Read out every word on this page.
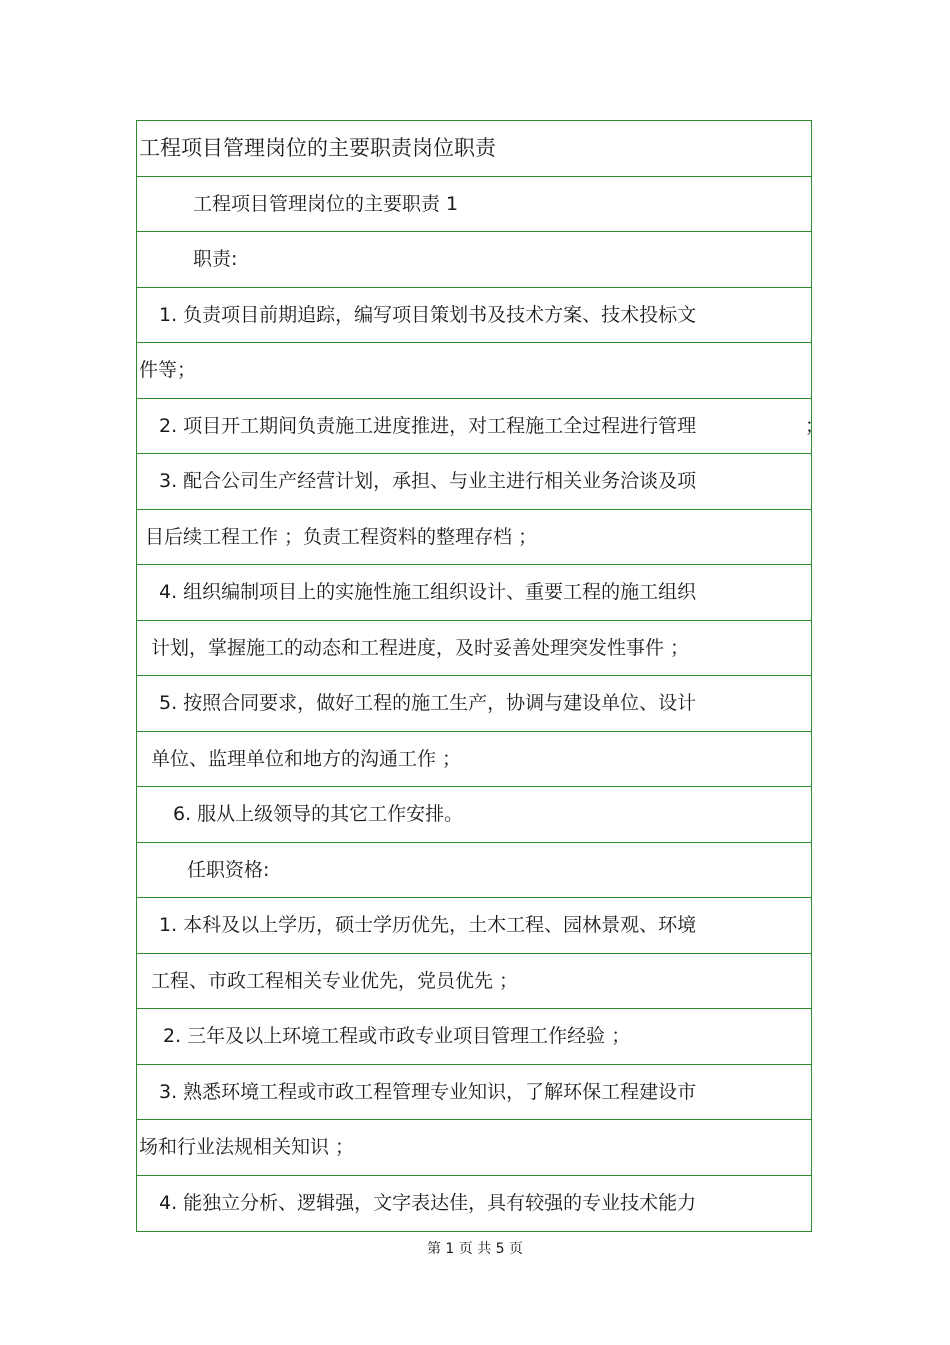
工程项目管理岗位的主要职责岗位职责
工程项目管理岗位的主要职责 1
职责:
1. 负责项目前期追踪，编写项目策划书及技术方案、技术投标文
件等；
2. 项目开工期间负责施工进度推进，对工程施工全过程进行管理	；
3. 配合公司生产经营计划，承担、与业主进行相关业务洽谈及项
目后续工程工作 ；负责工程资料的整理存档 ；
4. 组织编制项目上的实施性施工组织设计、重要工程的施工组织
计划，掌握施工的动态和工程进度，及时妥善处理突发性事件 ；
5. 按照合同要求，做好工程的施工生产，协调与建设单位、设计
单位、监理单位和地方的沟通工作 ；
6. 服从上级领导的其它工作安排。
任职资格:
1. 本科及以上学历，硕士学历优先，土木工程、园林景观、环境
工程、市政工程相关专业优先，党员优先 ；
2. 三年及以上环境工程或市政专业项目管理工作经验 ；
3. 熟悉环境工程或市政工程管理专业知识，了解环保工程建设市
场和行业法规相关知识 ；
4. 能独立分析、逻辑强，文字表达佳，具有较强的专业技术能力
第 1 页 共 5 页
